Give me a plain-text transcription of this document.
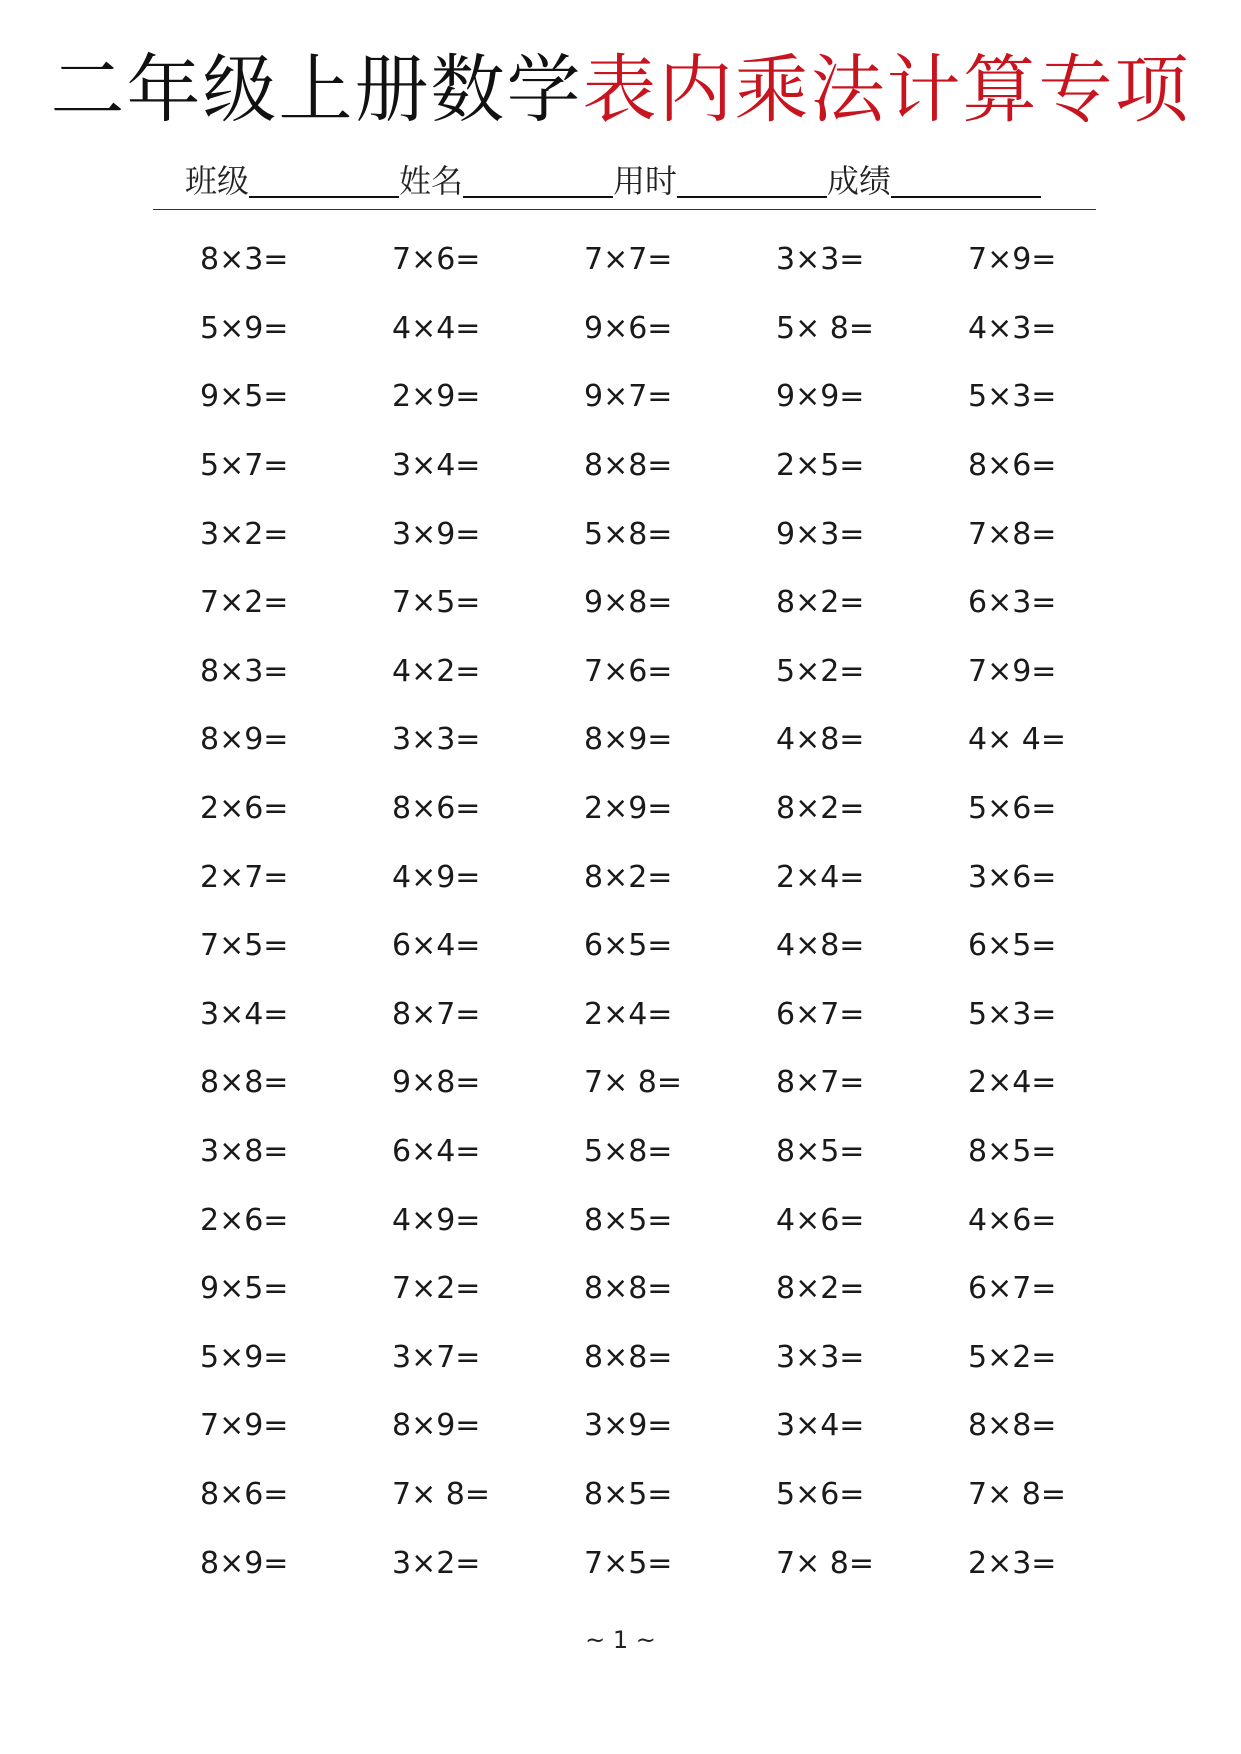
二年级上册数学表内乘法计算专项
班级	姓名	用时	成绩
8×3=	7×6=	7×7=	3×3=	7×9=
5×9=	4×4=	9×6=	5× 8=	4×3=
9×5=	2×9=	9×7=	9×9=	5×3=
5×7=	3×4=	8×8=	2×5=	8×6=
3×2=	3×9=	5×8=	9×3=	7×8=
7×2=	7×5=	9×8=	8×2=	6×3=
8×3=	4×2=	7×6=	5×2=	7×9=
8×9=	3×3=	8×9=	4×8=	4× 4=
2×6=	8×6=	2×9=	8×2=	5×6=
2×7=	4×9=	8×2=	2×4=	3×6=
7×5=	6×4=	6×5=	4×8=	6×5=
3×4=	8×7=	2×4=	6×7=	5×3=
8×8=	9×8=	7× 8=	8×7=	2×4=
3×8=	6×4=	5×8=	8×5=	8×5=
2×6=	4×9=	8×5=	4×6=	4×6=
9×5=	7×2=	8×8=	8×2=	6×7=
5×9=	3×7=	8×8=	3×3=	5×2=
7×9=	8×9=	3×9=	3×4=	8×8=
8×6=	7× 8=	8×5=	5×6=	7× 8=
8×9=	3×2=	7×5=	7× 8=	2×3=
~ 1 ~
